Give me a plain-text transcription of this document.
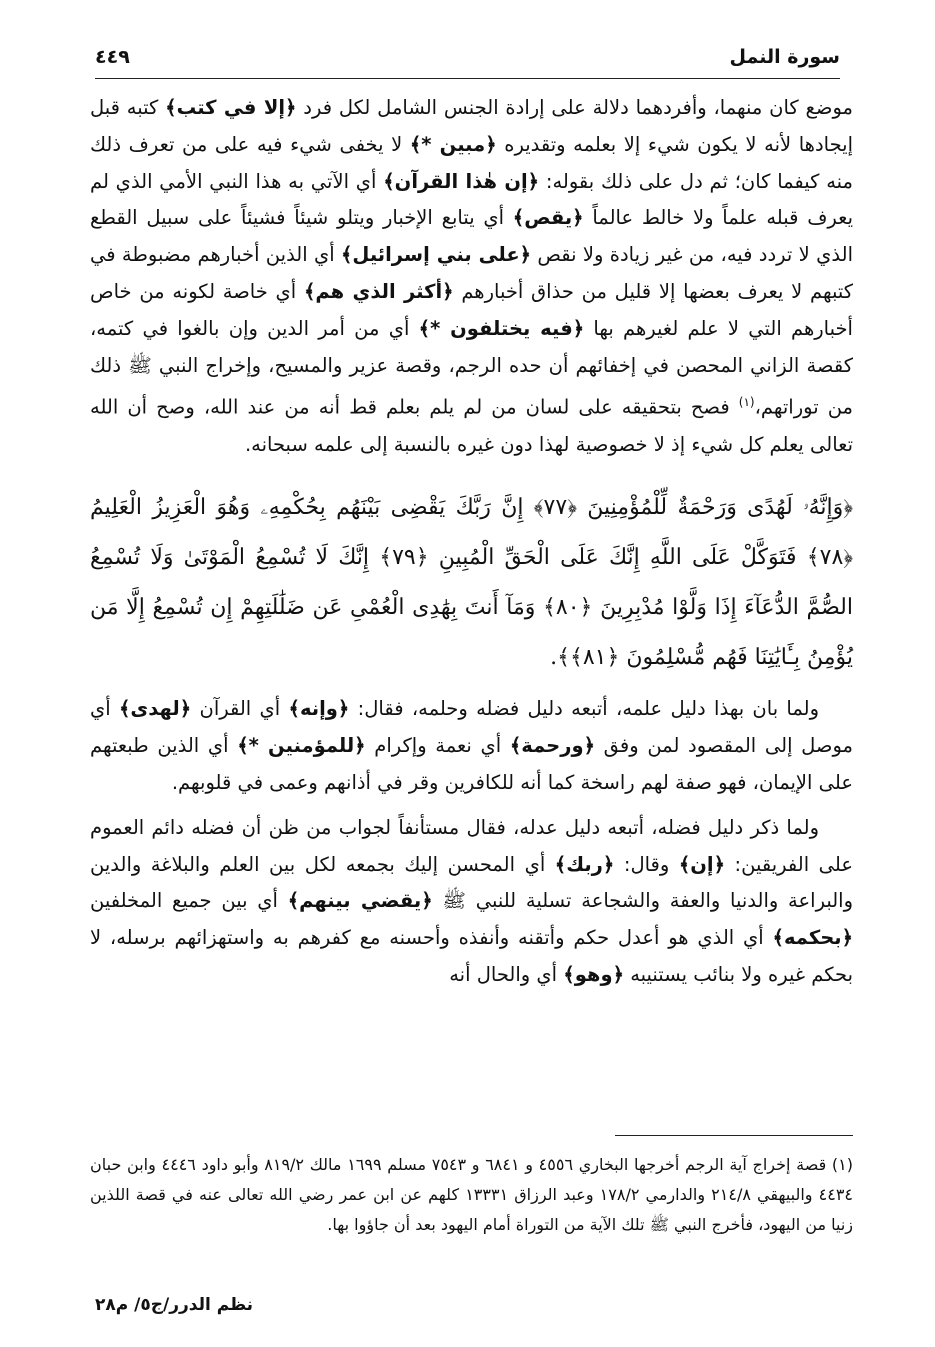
سورة النمل
٤٤٩

موضع كان منهما، وأفردهما دلالة على إرادة الجنس الشامل لكل فرد ﴿إلا في كتب﴾ كتبه قبل إيجادها لأنه لا يكون شيء إلا بعلمه وتقديره ﴿مبين *﴾ لا يخفى شيء فيه على من تعرف ذلك منه كيفما كان؛ ثم دل على ذلك بقوله: ﴿إن هٰذا القرآن﴾ أي الآتي به هذا النبي الأمي الذي لم يعرف قبله علماً ولا خالط عالماً ﴿يقص﴾ أي يتابع الإخبار ويتلو شيئاً فشيئاً على سبيل القطع الذي لا تردد فيه، من غير زيادة ولا نقص ﴿على بني إسرائيل﴾ أي الذين أخبارهم مضبوطة في كتبهم لا يعرف بعضها إلا قليل من حذاق أخبارهم ﴿أكثر الذي هم﴾ أي خاصة لكونه من خاص أخبارهم التي لا علم لغيرهم بها ﴿فيه يختلفون *﴾ أي من أمر الدين وإن بالغوا في كتمه، كقصة الزاني المحصن في إخفائهم أن حده الرجم، وقصة عزير والمسيح، وإخراج النبي ﷺ ذلك من توراتهم،$^{(١)}$ فصح بتحقيقه على لسان من لم يلم بعلم قط أنه من عند الله، وصح أن الله تعالى يعلم كل شيء إذ لا خصوصية لهذا دون غيره بالنسبة إلى علمه سبحانه.

﴿وَإِنَّهُۥ لَهُدًى وَرَحْمَةٌ لِّلْمُؤْمِنِينَ ﴿٧٧﴾ إِنَّ رَبَّكَ يَقْضِى بَيْنَهُم بِحُكْمِهِۦ وَهُوَ الْعَزِيزُ الْعَلِيمُ ﴿٧٨﴾ فَتَوَكَّلْ عَلَى اللَّهِ إِنَّكَ عَلَى الْحَقِّ الْمُبِينِ ﴿٧٩﴾ إِنَّكَ لَا تُسْمِعُ الْمَوْتَىٰ وَلَا تُسْمِعُ الصُّمَّ الدُّعَآءَ إِذَا وَلَّوْا مُدْبِرِينَ ﴿٨٠﴾ وَمَآ أَنتَ بِهَٰدِى الْعُمْىِ عَن ضَلَٰلَتِهِمْ إِن تُسْمِعُ إِلَّا مَن يُؤْمِنُ بِـَٔايَٰتِنَا فَهُم مُّسْلِمُونَ ﴿٨١﴾﴾.

ولما بان بهذا دليل علمه، أتبعه دليل فضله وحلمه، فقال: ﴿وإنه﴾ أي القرآن ﴿لهدى﴾ أي موصل إلى المقصود لمن وفق ﴿ورحمة﴾ أي نعمة وإكرام ﴿للمؤمنين *﴾ أي الذين طبعتهم على الإيمان، فهو صفة لهم راسخة كما أنه للكافرين وقر في أذانهم وعمى في قلوبهم.

ولما ذكر دليل فضله، أتبعه دليل عدله، فقال مستأنفاً لجواب من ظن أن فضله دائم العموم على الفريقين: ﴿إن﴾ وقال: ﴿ربك﴾ أي المحسن إليك بجمعه لكل بين العلم والبلاغة والدين والبراعة والدنيا والعفة والشجاعة تسلية للنبي ﷺ ﴿يقضي بينهم﴾ أي بين جميع المخلفين ﴿بحكمه﴾ أي الذي هو أعدل حكم وأتقنه وأنفذه وأحسنه مع كفرهم به واستهزائهم برسله، لا بحكم غيره ولا بنائب يستنيبه ﴿وهو﴾ أي والحال أنه

(١) قصة إخراج آية الرجم أخرجها البخاري ٤٥٥٦ و ٦٨٤١ و ٧٥٤٣ مسلم ١٦٩٩ مالك ٨١٩/٢ وأبو داود ٤٤٤٦ وابن حبان ٤٤٣٤ والبيهقي ٢١٤/٨ والدارمي ١٧٨/٢ وعبد الرزاق ١٣٣٣١ كلهم عن ابن عمر رضي الله تعالى عنه في قصة اللذين زنيا من اليهود، فأخرج النبي ﷺ تلك الآية من التوراة أمام اليهود بعد أن جاؤوا بها.

نظم الدرر/ج٥/ م٢٨
